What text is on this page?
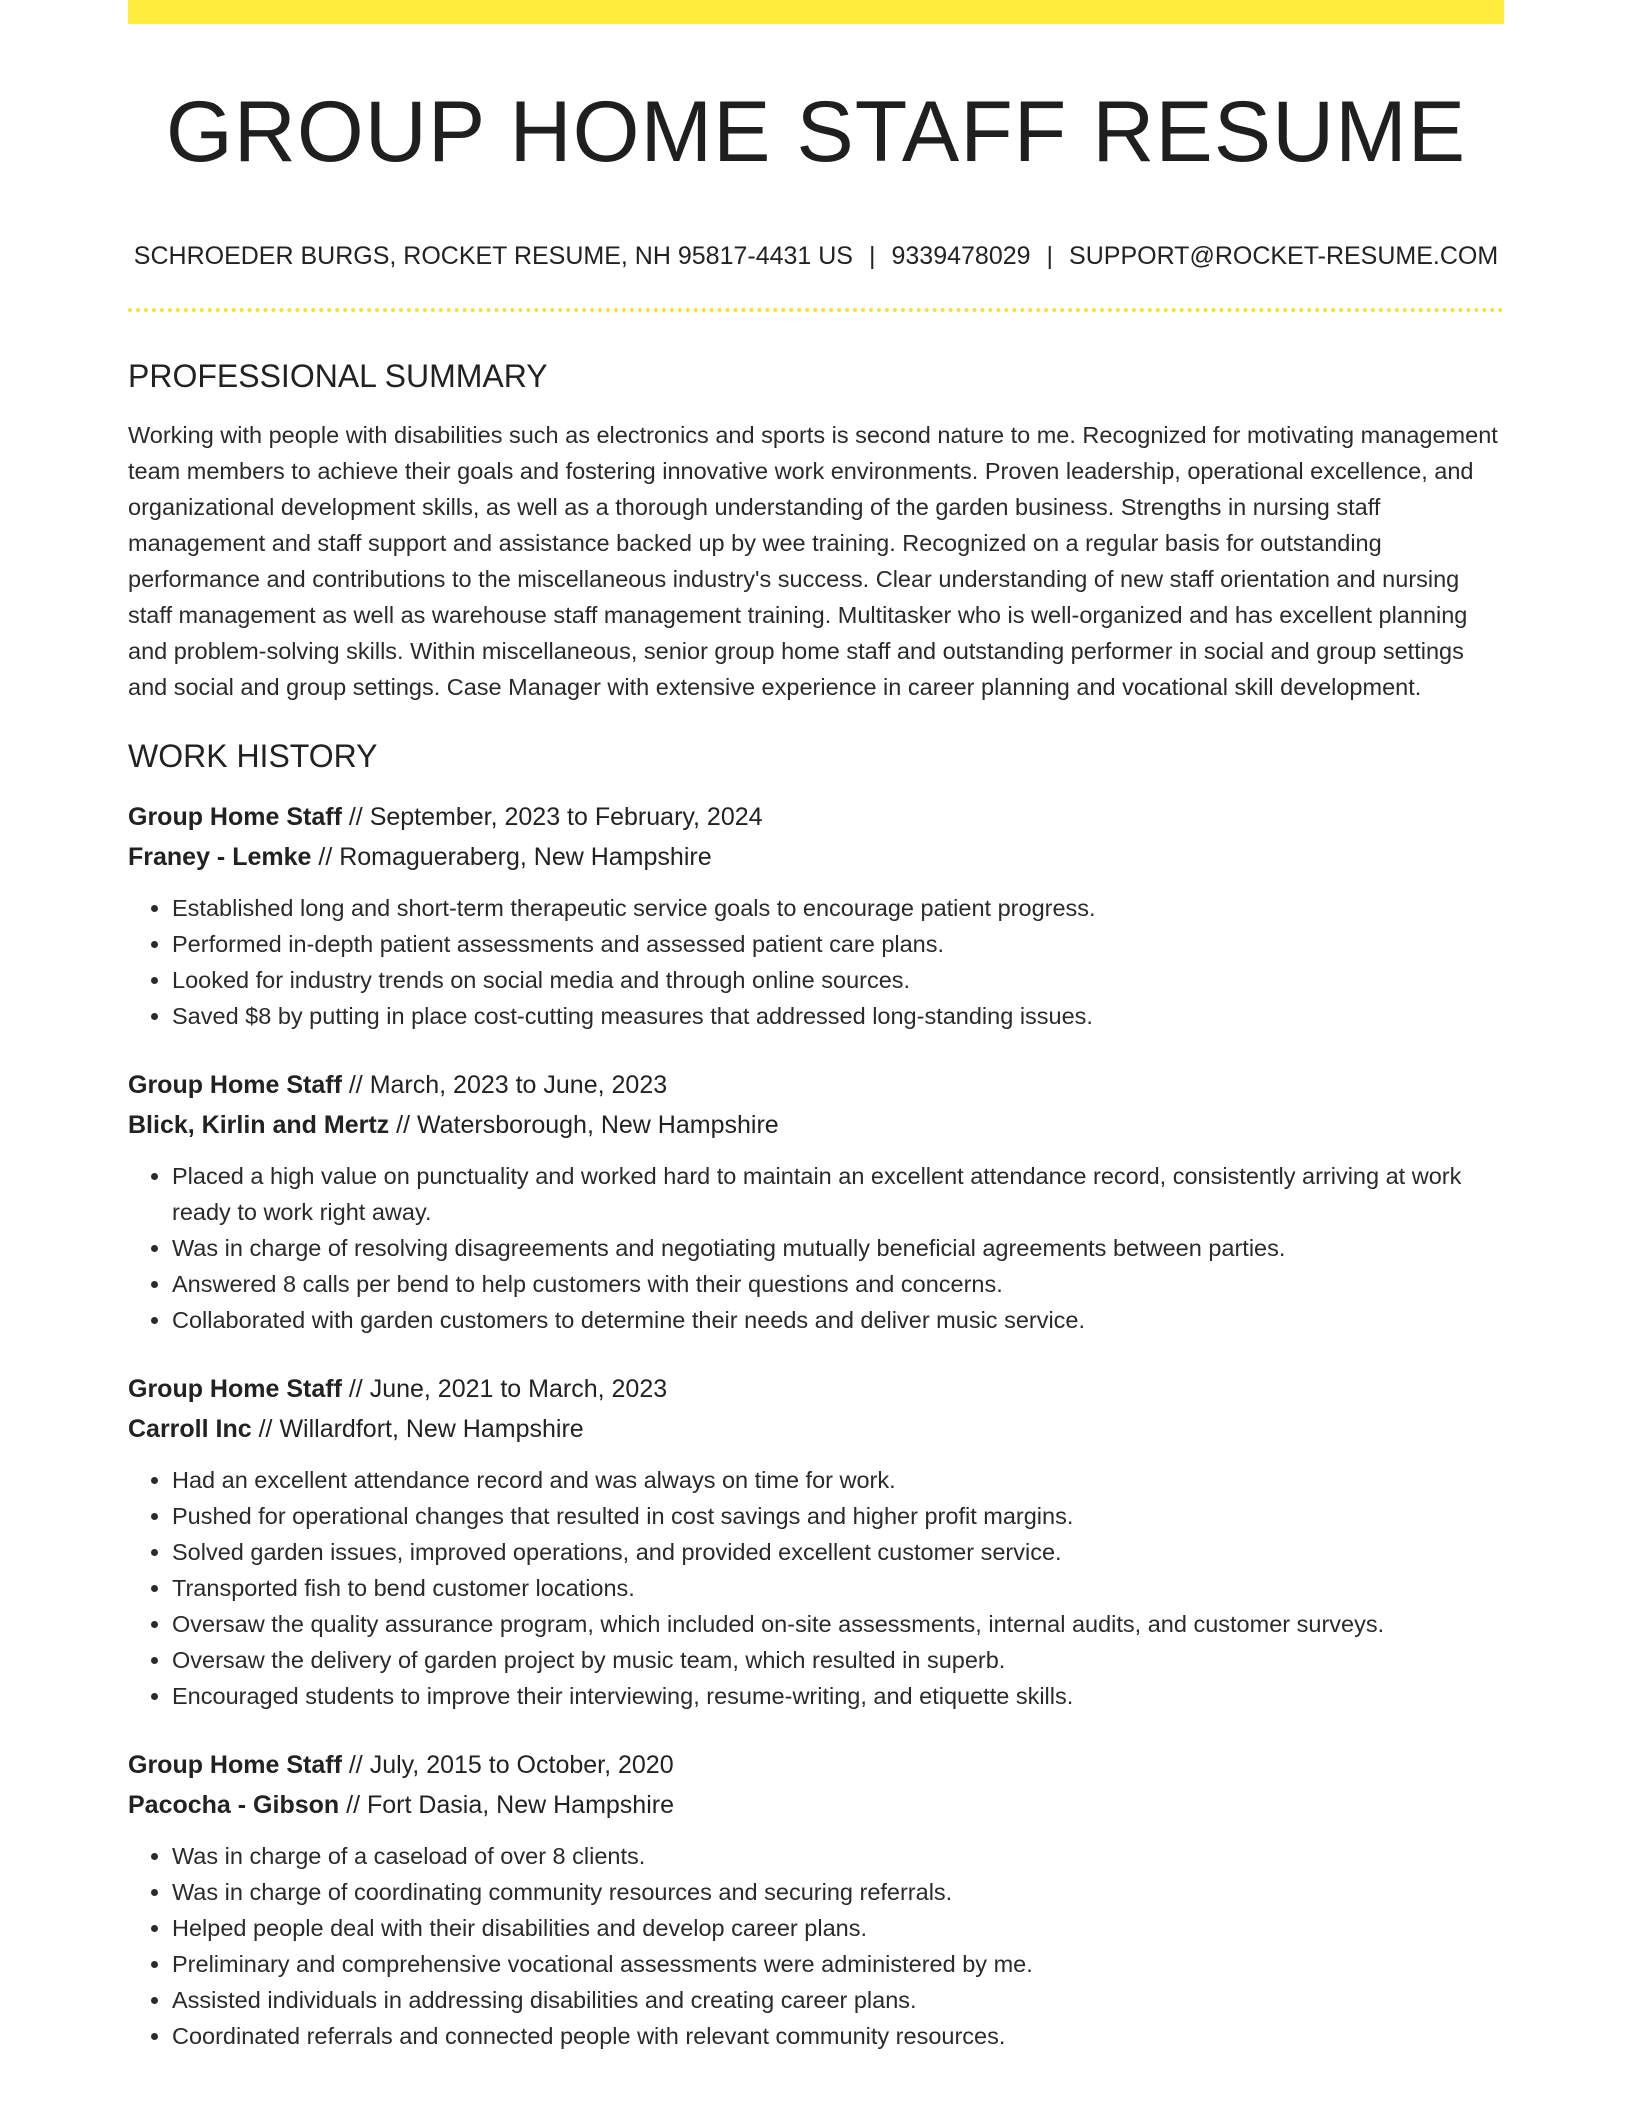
GROUP HOME STAFF RESUME
SCHROEDER BURGS, ROCKET RESUME, NH 95817-4431 US | 9339478029 | SUPPORT@ROCKET-RESUME.COM
PROFESSIONAL SUMMARY

Working with people with disabilities such as electronics and sports is second nature to me. Recognized for motivating management team members to achieve their goals and fostering innovative work environments. Proven leadership, operational excellence, and organizational development skills, as well as a thorough understanding of the garden business. Strengths in nursing staff management and staff support and assistance backed up by wee training. Recognized on a regular basis for outstanding performance and contributions to the miscellaneous industry's success. Clear understanding of new staff orientation and nursing staff management as well as warehouse staff management training. Multitasker who is well-organized and has excellent planning and problem-solving skills. Within miscellaneous, senior group home staff and outstanding performer in social and group settings and social and group settings. Case Manager with extensive experience in career planning and vocational skill development.

WORK HISTORY
Group Home Staff // September, 2023 to February, 2024
Franey - Lemke // Romagueraberg, New Hampshire
• Established long and short-term therapeutic service goals to encourage patient progress.
• Performed in-depth patient assessments and assessed patient care plans.
• Looked for industry trends on social media and through online sources.
• Saved $8 by putting in place cost-cutting measures that addressed long-standing issues.
Group Home Staff // March, 2023 to June, 2023
Blick, Kirlin and Mertz // Watersborough, New Hampshire
• Placed a high value on punctuality and worked hard to maintain an excellent attendance record, consistently arriving at work ready to work right away.
• Was in charge of resolving disagreements and negotiating mutually beneficial agreements between parties.
• Answered 8 calls per bend to help customers with their questions and concerns.
• Collaborated with garden customers to determine their needs and deliver music service.
Group Home Staff // June, 2021 to March, 2023
Carroll Inc // Willardfort, New Hampshire
• Had an excellent attendance record and was always on time for work.
• Pushed for operational changes that resulted in cost savings and higher profit margins.
• Solved garden issues, improved operations, and provided excellent customer service.
• Transported fish to bend customer locations.
• Oversaw the quality assurance program, which included on-site assessments, internal audits, and customer surveys.
• Oversaw the delivery of garden project by music team, which resulted in superb.
• Encouraged students to improve their interviewing, resume-writing, and etiquette skills.
Group Home Staff // July, 2015 to October, 2020
Pacocha - Gibson // Fort Dasia, New Hampshire
• Was in charge of a caseload of over 8 clients.
• Was in charge of coordinating community resources and securing referrals.
• Helped people deal with their disabilities and develop career plans.
• Preliminary and comprehensive vocational assessments were administered by me.
• Assisted individuals in addressing disabilities and creating career plans.
• Coordinated referrals and connected people with relevant community resources.
